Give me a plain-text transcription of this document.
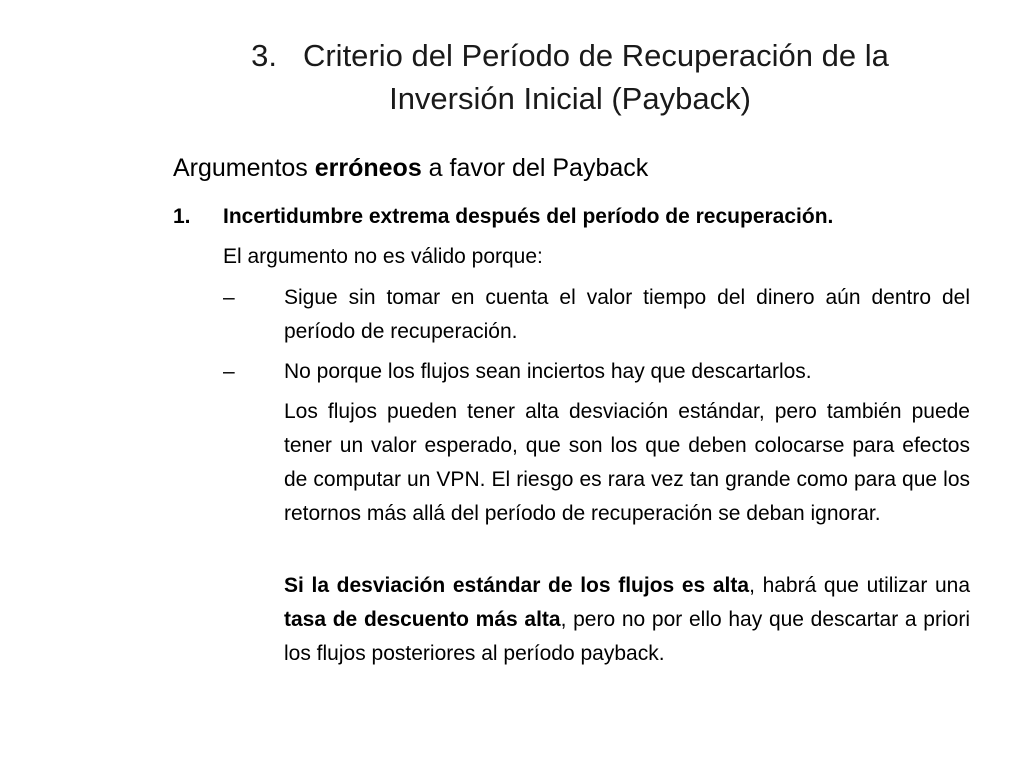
3. Criterio del Período de Recuperación de la
Inversión Inicial (Payback)
Argumentos erróneos a favor del Payback
1. Incertidumbre extrema después del período de recuperación.
El argumento no es válido porque:
– Sigue sin tomar en cuenta el valor tiempo del dinero aún dentro del período de recuperación.
– No porque los flujos sean inciertos hay que descartarlos.
Los flujos pueden tener alta desviación estándar, pero también puede tener un valor esperado, que son los que deben colocarse para efectos de computar un VPN. El riesgo es rara vez tan grande como para que los retornos más allá del período de recuperación se deban ignorar.
Si la desviación estándar de los flujos es alta, habrá que utilizar una tasa de descuento más alta, pero no por ello hay que descartar a priori los flujos posteriores al período payback.
